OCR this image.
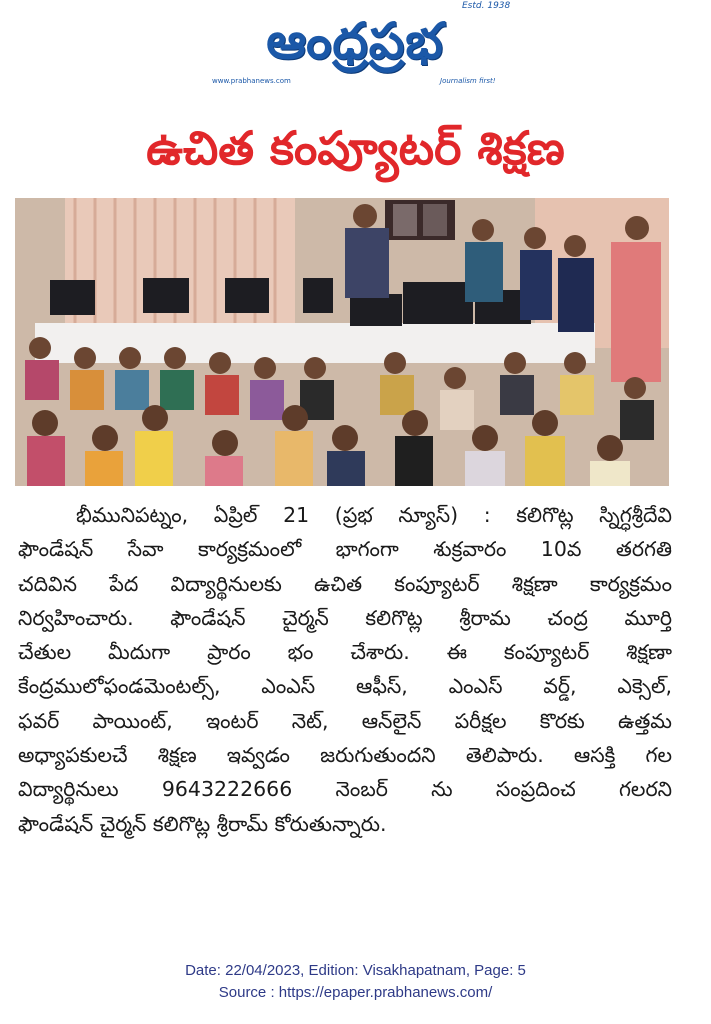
Estd. 1938
ఆంధ్రప్రభ
www.prabhanews.com	Journalism first!
ఉచిత కంప్యూటర్ శిక్షణ
భీమునిపట్నం, ఏప్రిల్ 21 (ప్రభ న్యూస్) : కలిగొట్ల స్నిగ్ధశ్రీదేవి
ఫౌండేషన్ సేవా కార్యక్రమంలో భాగంగా శుక్రవారం 10వ తరగతి
చదివిన పేద విద్యార్థినులకు ఉచిత కంప్యూటర్ శిక్షణా కార్యక్రమం
నిర్వహించారు. ఫౌండేషన్ చైర్మన్ కలిగొట్ల శ్రీరామ చంద్ర మూర్తి
చేతుల మీదుగా ప్రారం భం చేశారు. ఈ కంప్యూటర్ శిక్షణా
కేంద్రములోఫండమెంటల్స్, ఎంఎస్ ఆఫీస్, ఎంఎస్ వర్డ్, ఎక్సెల్,
ఫవర్ పాయింట్, ఇంటర్ నెట్, ఆన్‌లైన్ పరీక్షల కొరకు ఉత్తమ
అధ్యాపకులచే శిక్షణ ఇవ్వడం జరుగుతుందని తెలిపారు. ఆసక్తి గల
విద్యార్థినులు 9643222666 నెంబర్ ను సంప్రదించ గలరని
ఫౌండేషన్ చైర్మన్ కలిగొట్ల శ్రీరామ్ కోరుతున్నారు.
Date: 22/04/2023, Edition: Visakhapatnam, Page: 5
Source : https://epaper.prabhanews.com/
